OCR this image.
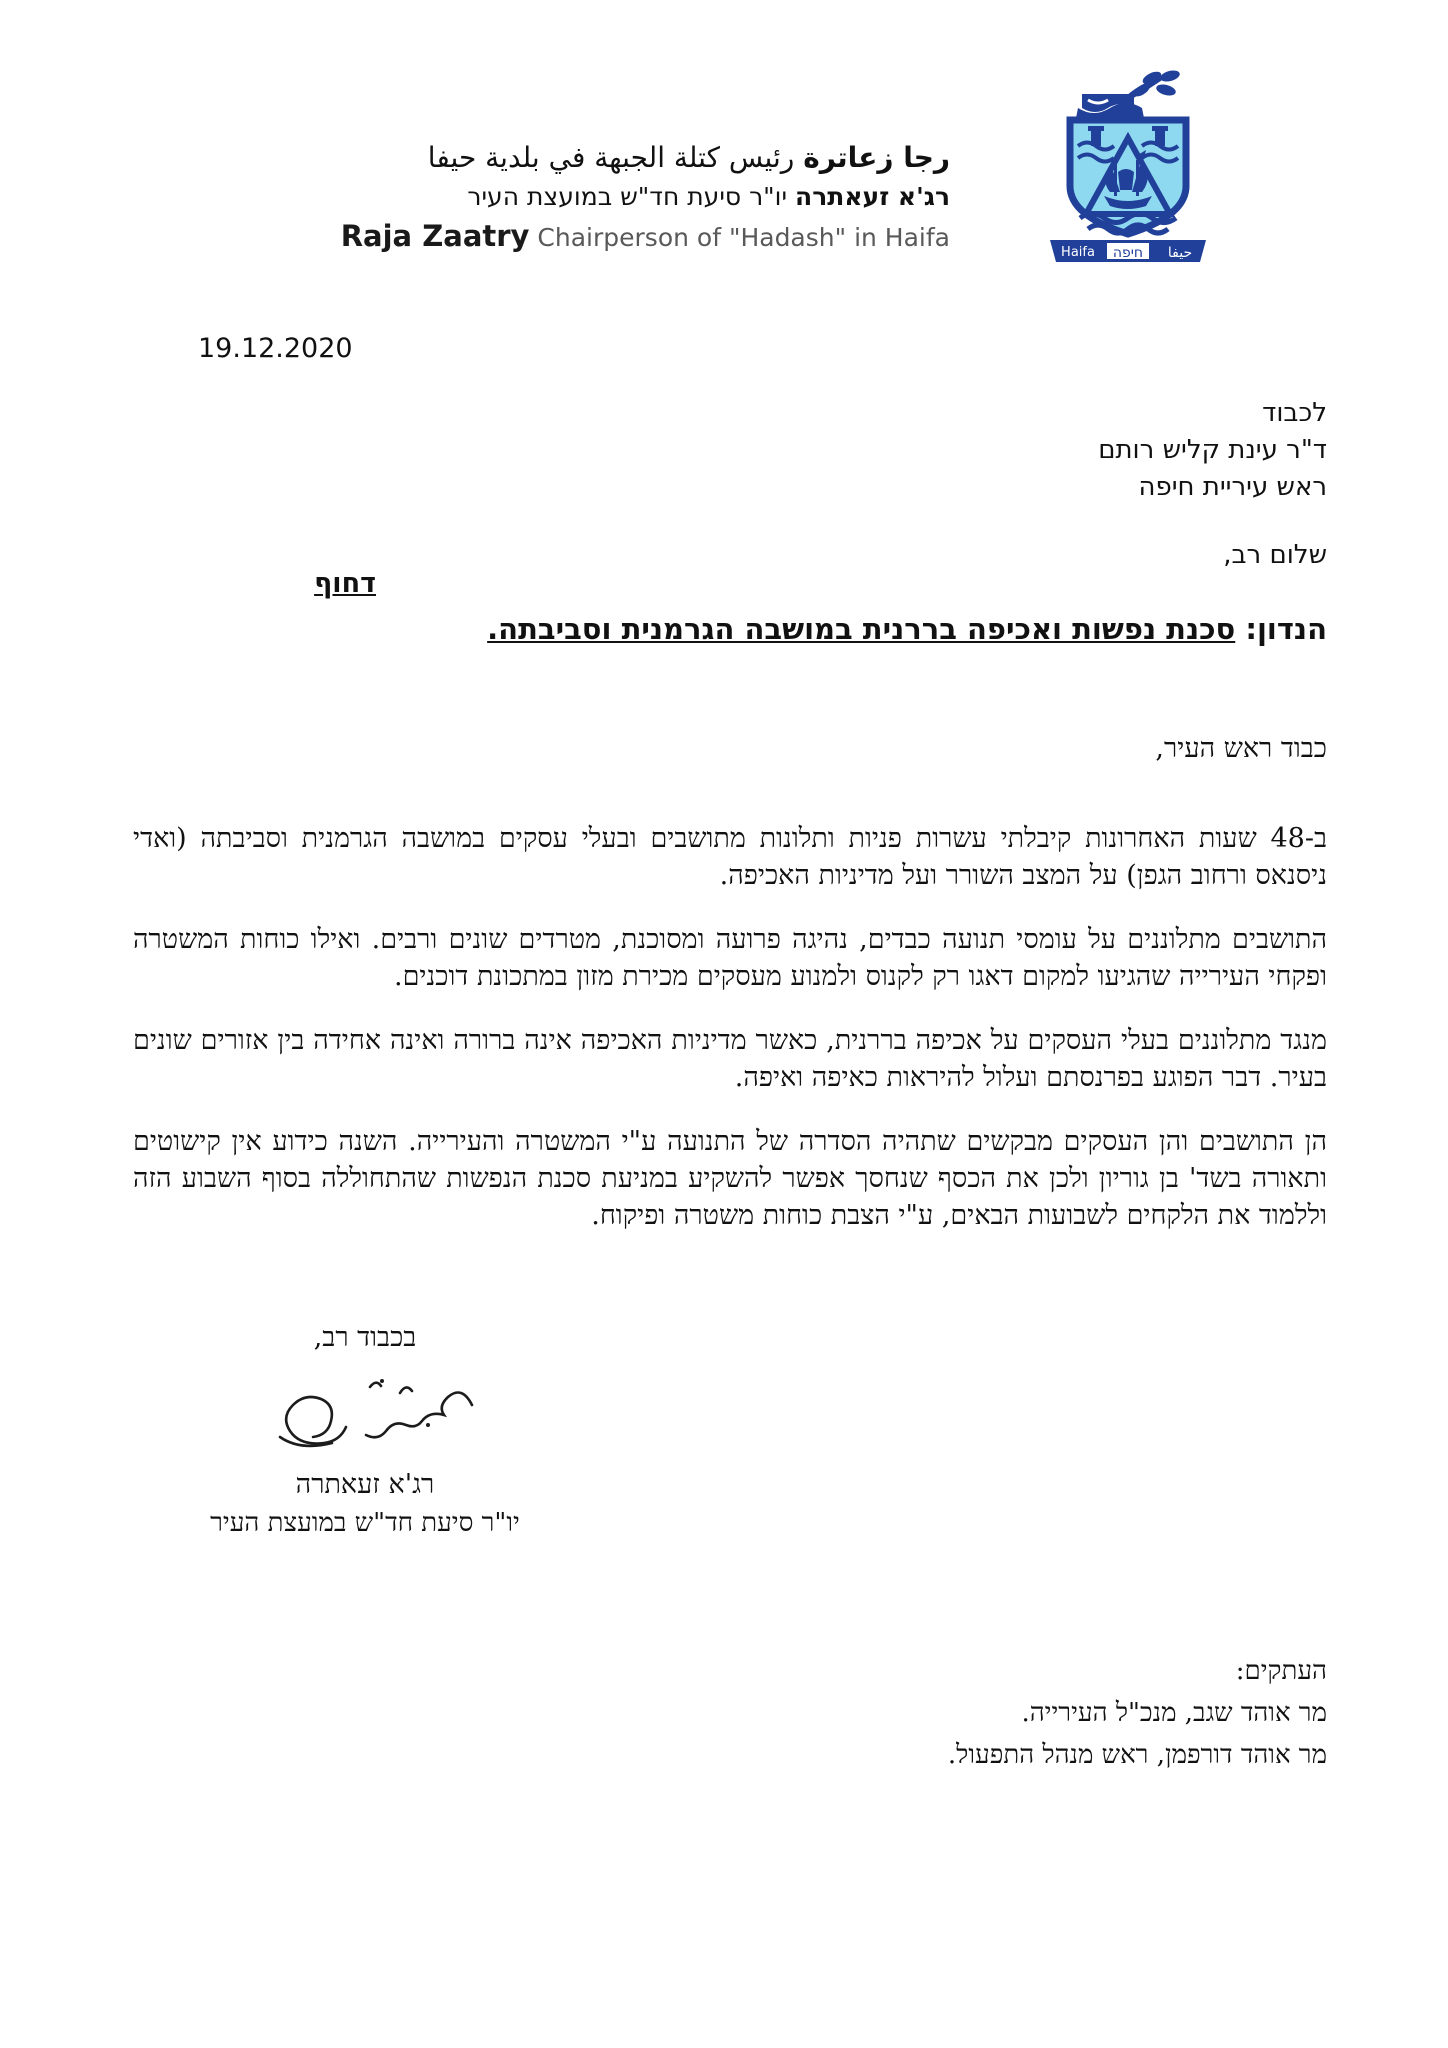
رجا زعاترة رئيس كتلة الجبهة في بلدية حيفا
רג'א זעאתרה יו"ר סיעת חד"ש במועצת העיר
Raja Zaatry Chairperson of "Hadash" in Haifa
Haifa חיפה حيفا
19.12.2020
לכבוד
ד"ר עינת קליש רותם
ראש עיריית חיפה
שלום רב,
הנדון: סכנת נפשות ואכיפה בררנית במושבה הגרמנית וסביבתה.
כבוד ראש העיר,

ב-48 שעות האחרונות קיבלתי עשרות פניות ותלונות מתושבים ובעלי עסקים במושבה הגרמנית וסביבתה (ואדי ניסנאס ורחוב הגפן) על המצב השורר ועל מדיניות האכיפה.

התושבים מתלוננים על עומסי תנועה כבדים, נהיגה פרועה ומסוכנת, מטרדים שונים ורבים. ואילו כוחות המשטרה ופקחי העירייה שהגיעו למקום דאגו רק לקנוס ולמנוע מעסקים מכירת מזון במתכונת דוכנים.

מנגד מתלוננים בעלי העסקים על אכיפה בררנית, כאשר מדיניות האכיפה אינה ברורה ואינה אחידה בין אזורים שונים בעיר. דבר הפוגע בפרנסתם ועלול להיראות כאיפה ואיפה.

הן התושבים והן העסקים מבקשים שתהיה הסדרה של התנועה ע"י המשטרה והעירייה. השנה כידוע אין קישוטים ותאורה בשד' בן גוריון ולכן את הכסף שנחסך אפשר להשקיע במניעת סכנת הנפשות שהתחוללה בסוף השבוע הזה וללמוד את הלקחים לשבועות הבאים, ע"י הצבת כוחות משטרה ופיקוח.

העתקים:
מר אוהד שגב, מנכ"ל העירייה.
מר אוהד דורפמן, ראש מנהל התפעול.
דחוף
בכבוד רב,
רג'א זעאתרה
יו"ר סיעת חד"ש במועצת העיר
